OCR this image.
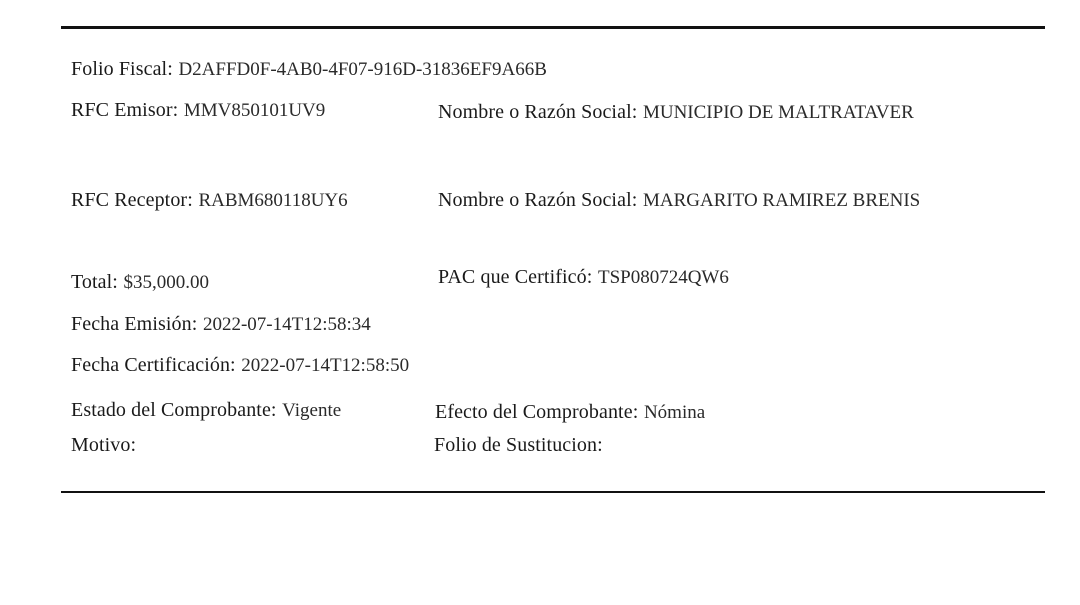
Folio Fiscal: D2AFFD0F-4AB0-4F07-916D-31836EF9A66B
RFC Emisor: MMV850101UV9	Nombre o Razón Social: MUNICIPIO DE MALTRATAVER
RFC Receptor: RABM680118UY6	Nombre o Razón Social: MARGARITO RAMIREZ BRENIS
Total: $35,000.00	PAC que Certificó: TSP080724QW6
Fecha Emisión: 2022-07-14T12:58:34
Fecha Certificación: 2022-07-14T12:58:50
Estado del Comprobante: Vigente	Efecto del Comprobante: Nómina
Motivo:	Folio de Sustitucion:
